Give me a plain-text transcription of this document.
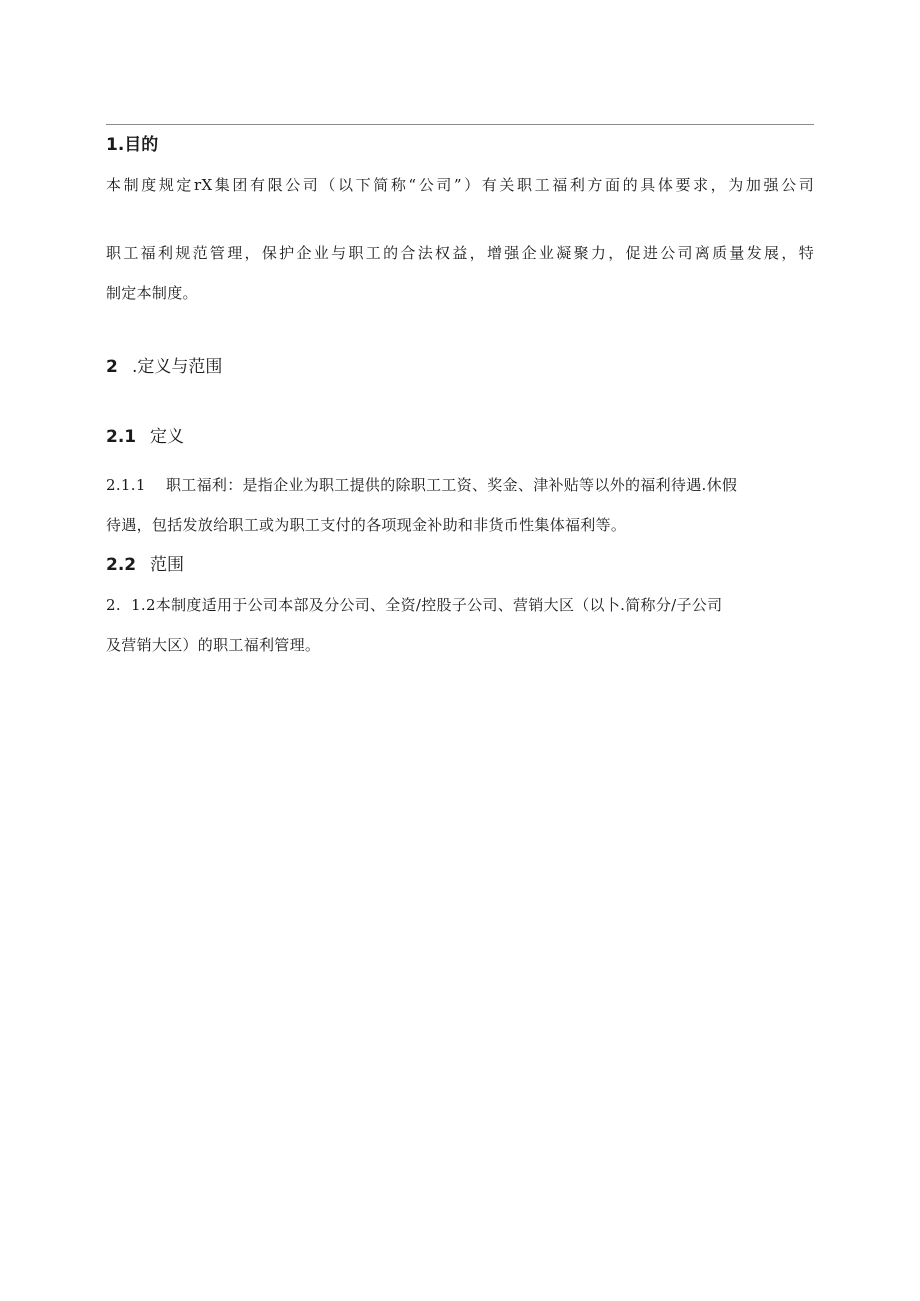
1.目的
本制度规定rX集团有限公司（以下简称“公司”）有关职工福利方面的具体要求，为加强公司
职工福利规范管理，保护企业与职工的合法权益，增强企业凝聚力，促进公司离质量发展，特
制定本制度。
2 .定义与范围
2.1 定义
2.1.1 职工福利：是指企业为职工提供的除职工工资、奖金、津补贴等以外的福利待遇.休假
待遇，包括发放给职工或为职工支付的各项现金补助和非货币性集体福利等。
2.2 范围
2.  1.2本制度适用于公司本部及分公司、全资/控股子公司、营销大区（以卜.简称分/子公司
及营销大区）的职工福利管理。
